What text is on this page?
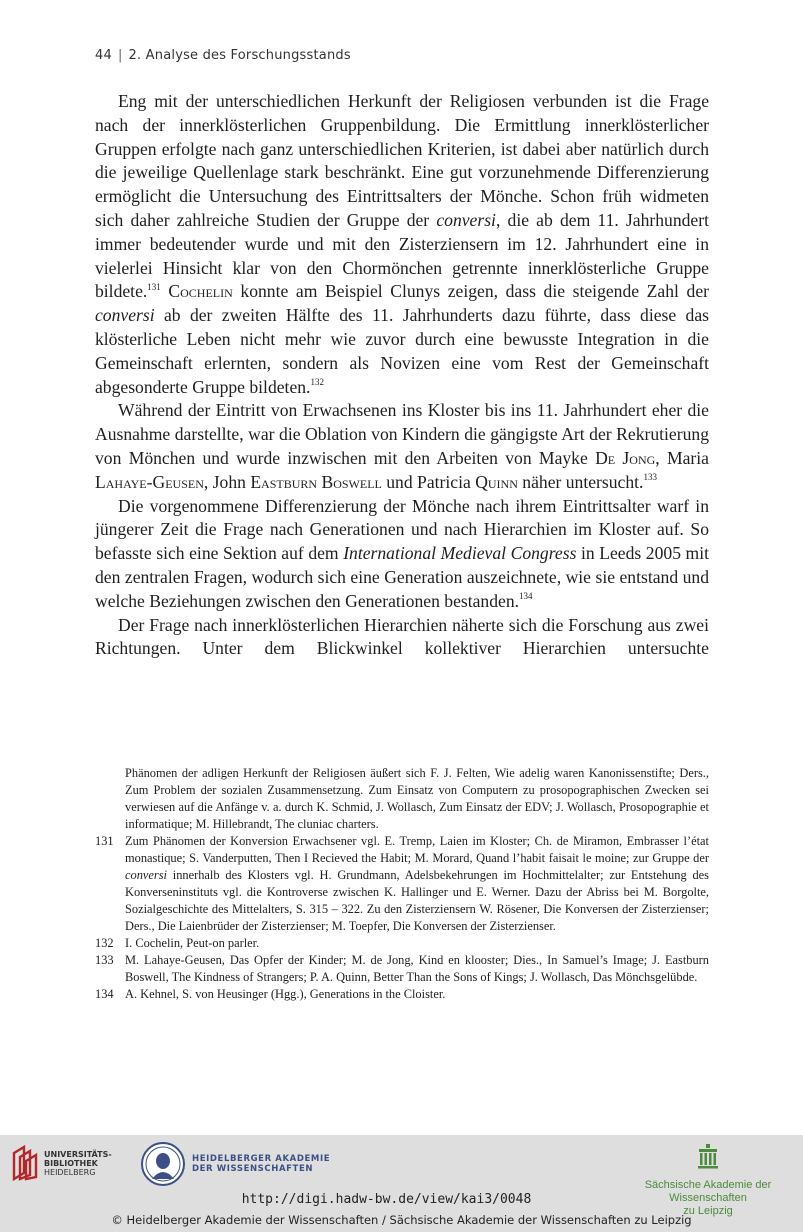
44 | 2. Analyse des Forschungsstands

Eng mit der unterschiedlichen Herkunft der Religiosen verbunden ist die Frage nach der innerklösterlichen Gruppenbildung. Die Ermittlung innerklösterlicher Gruppen erfolgte nach ganz unterschiedlichen Kriterien, ist dabei aber natürlich durch die jeweilige Quellenlage stark beschränkt. Eine gut vorzunehmende Differenzierung ermöglicht die Untersuchung des Eintrittsalters der Mönche. Schon früh widmeten sich daher zahlreiche Studien der Gruppe der conversi, die ab dem 11. Jahrhundert immer bedeutender wurde und mit den Zisterziensern im 12. Jahrhundert eine in vielerlei Hinsicht klar von den Chormönchen getrennte innerklösterliche Gruppe bildete.$^{131}$ Cochelin konnte am Beispiel Clunys zeigen, dass die steigende Zahl der conversi ab der zweiten Hälfte des 11. Jahrhunderts dazu führte, dass diese das klösterliche Leben nicht mehr wie zuvor durch eine bewusste Integration in die Gemeinschaft erlernten, sondern als Novizen eine vom Rest der Gemeinschaft abgesonderte Gruppe bildeten.$^{132}$

Während der Eintritt von Erwachsenen ins Kloster bis ins 11. Jahrhundert eher die Ausnahme darstellte, war die Oblation von Kindern die gängigste Art der Rekrutierung von Mönchen und wurde inzwischen mit den Arbeiten von Mayke De Jong, Maria Lahaye-Geusen, John Eastburn Boswell und Patricia Quinn näher untersucht.$^{133}$

Die vorgenommene Differenzierung der Mönche nach ihrem Eintrittsalter warf in jüngerer Zeit die Frage nach Generationen und nach Hierarchien im Kloster auf. So befasste sich eine Sektion auf dem International Medieval Congress in Leeds 2005 mit den zentralen Fragen, wodurch sich eine Generation auszeichnete, wie sie entstand und welche Beziehungen zwischen den Generationen bestanden.$^{134}$

Der Frage nach innerklösterlichen Hierarchien näherte sich die Forschung aus zwei Richtungen. Unter dem Blickwinkel kollektiver Hierarchien untersuchte

Phänomen der adligen Herkunft der Religiosen äußert sich F. J. Felten, Wie adelig waren Kanonissenstifte; Ders., Zum Problem der sozialen Zusammensetzung. Zum Einsatz von Computern zu prosopographischen Zwecken sei verwiesen auf die Anfänge v. a. durch K. Schmid, J. Wollasch, Zum Einsatz der EDV; J. Wollasch, Prosopographie et informatique; M. Hillebrandt, The cluniac charters.
131 Zum Phänomen der Konversion Erwachsener vgl. E. Tremp, Laien im Kloster; Ch. de Miramon, Embrasser l’état monastique; S. Vanderputten, Then I Recieved the Habit; M. Morard, Quand l’habit faisait le moine; zur Gruppe der conversi innerhalb des Klosters vgl. H. Grundmann, Adelsbekehrungen im Hochmittelalter; zur Entstehung des Konverseninstituts vgl. die Kontroverse zwischen K. Hallinger und E. Werner. Dazu der Abriss bei M. Borgolte, Sozialgeschichte des Mittelalters, S. 315 – 322. Zu den Zisterziensern W. Rösener, Die Konversen der Zisterzienser; Ders., Die Laienbrüder der Zisterzienser; M. Toepfer, Die Konversen der Zisterzienser.
132 I. Cochelin, Peut-on parler.
133 M. Lahaye-Geusen, Das Opfer der Kinder; M. de Jong, Kind en klooster; Dies., In Samuel’s Image; J. Eastburn Boswell, The Kindness of Strangers; P. A. Quinn, Better Than the Sons of Kings; J. Wollasch, Das Mönchsgelübde.
134 A. Kehnel, S. von Heusinger (Hgg.), Generations in the Cloister.
UNIVERSITÄTS-
BIBLIOTHEK
HEIDELBERG
HEIDELBERGER AKADEMIE
DER WISSENSCHAFTEN
Sächsische Akademie der Wissenschaften
zu Leipzig
http://digi.hadw-bw.de/view/kai3/0048
© Heidelberger Akademie der Wissenschaften / Sächsische Akademie der Wissenschaften zu Leipzig
